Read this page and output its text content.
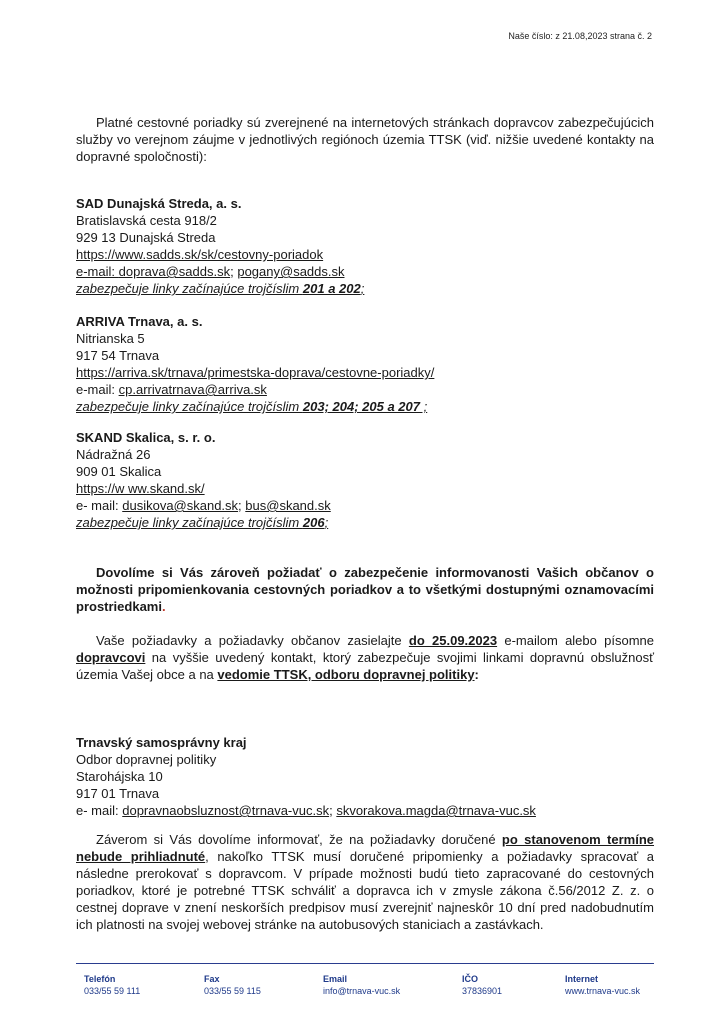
Naše číslo: z 21.08,2023 strana č. 2
Platné cestovné poriadky sú zverejnené na internetových stránkach dopravcov zabezpečujúcich služby vo verejnom záujme v jednotlivých regiónoch územia TTSK (viď. nižšie uvedené kontakty na dopravné spoločnosti):
SAD Dunajská Streda, a. s.
Bratislavská cesta 918/2
929 13 Dunajská Streda
https://www.sadds.sk/sk/cestovny-poriadok
e-mail: doprava@sadds.sk; pogany@sadds.sk
zabezpečuje linky začínajúce trojčíslim 201 a 202;
ARRIVA Trnava, a. s.
Nitrianska 5
917 54 Trnava
https://arriva.sk/trnava/primestska-doprava/cestovne-poriadky/
e-mail: cp.arrivatrnava@arriva.sk
zabezpečuje linky začínajúce trojčíslim 203; 204; 205 a 207 ;
SKAND Skalica, s. r. o.
Nádražná 26
909 01 Skalica
https://w ww.skand.sk/
e- mail: dusikova@skand.sk; bus@skand.sk
zabezpečuje linky začínajúce trojčíslim 206;
Dovolíme si Vás zároveň požiadať o zabezpečenie informovanosti Vašich občanov o možnosti pripomienkovania cestovných poriadkov a to všetkými dostupnými oznamovacími prostriedkami.
Vaše požiadavky a požiadavky občanov zasielajte do 25.09.2023 e-mailom alebo písomne dopravcovi na vyššie uvedený kontakt, ktorý zabezpečuje svojimi linkami dopravnú obslužnosť územia Vašej obce a na vedomie TTSK, odboru dopravnej politiky:
Trnavský samosprávny kraj
Odbor dopravnej politiky
Starohájska 10
917 01 Trnava
e- mail: dopravnaobsluznost@trnava-vuc.sk; skvorakova.magda@trnava-vuc.sk
Záverom si Vás dovolíme informovať, že na požiadavky doručené po stanovenom termíne nebude prihliadnuté, nakoľko TTSK musí doručené pripomienky a požiadavky spracovať a následne prerokovať s dopravcom. V prípade možnosti budú tieto zapracované do cestovných poriadkov, ktoré je potrebné TTSK schváliť a dopravca ich v zmysle zákona č.56/2012 Z. z. o cestnej doprave v znení neskorších predpisov musí zverejniť najneskôr 10 dní pred nadobudnutím ich platnosti na svojej webovej stránke na autobusových staniciach a zastávkach.
Telefón
033/55 59 111
Fax
033/55 59 115
Email
info@trnava-vuc.sk
IČO
37836901
Internet
www.trnava-vuc.sk
